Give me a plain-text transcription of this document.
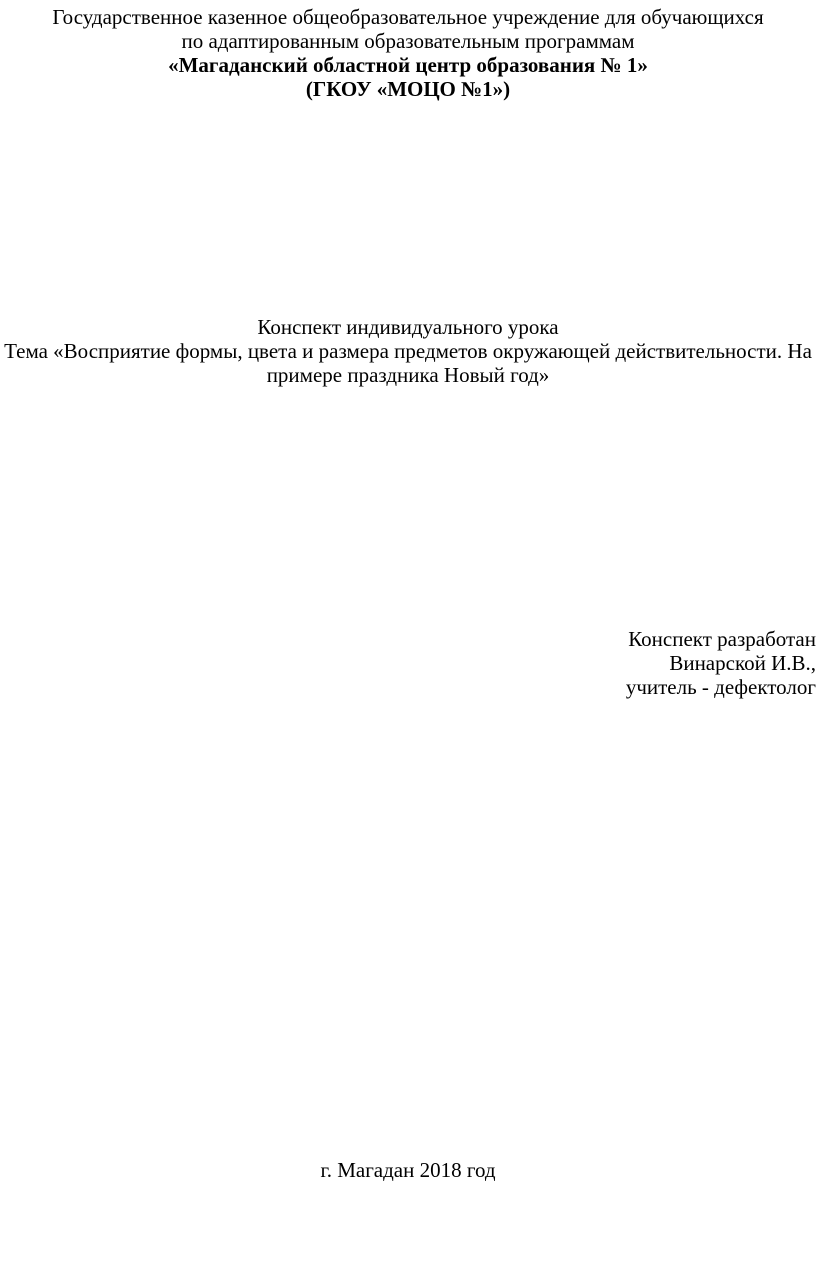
Государственное казенное общеобразовательное учреждение для обучающихся
по адаптированным образовательным программам
«Магаданский областной центр образования № 1»
(ГКОУ «МОЦО №1»)
Конспект индивидуального урока
Тема «Восприятие формы, цвета и размера предметов окружающей действительности. На
примере праздника Новый год»
Конспект разработан
Винарской И.В.,
учитель - дефектолог
г. Магадан 2018 год
